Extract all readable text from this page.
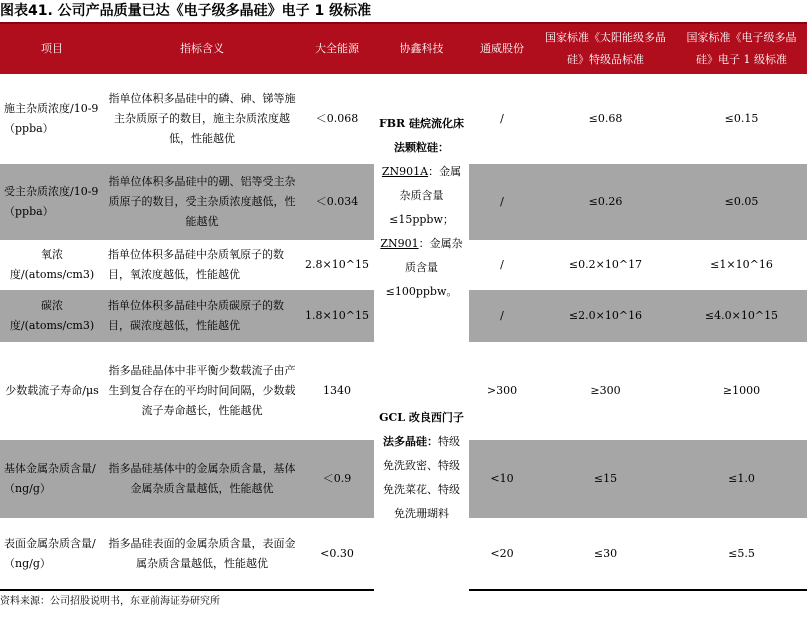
图表41. 公司产品质量已达《电子级多晶硅》电子 1 级标准
项目	指标含义	大全能源	协鑫科技	通威股份	国家标准《太阳能级多晶硅》特级品标准	国家标准《电子级多晶硅》电子 1 级标准
施主杂质浓度/10-9（ppba）	指单位体积多晶硅中的磷、砷、锑等施主杂质原子的数目，施主杂质浓度越低，性能越优	＜0.068	FBR 硅烷流化床法颗粒硅：ZN901A：金属杂质含量≤15ppbw；ZN901：金属杂质含量≤100ppbw。	/	≤0.68	≤0.15
受主杂质浓度/10-9（ppba）	指单位体积多晶硅中的硼、铝等受主杂质原子的数目，受主杂质浓度越低，性能越优	＜0.034		/	≤0.26	≤0.05
氧浓度/(atoms/cm3)	指单位体积多晶硅中杂质氧原子的数目，氧浓度越低，性能越优	2.8×10^15		/	≤0.2×10^17	≤1×10^16
碳浓度/(atoms/cm3)	指单位体积多晶硅中杂质碳原子的数目，碳浓度越低，性能越优	1.8×10^15		/	≤2.0×10^16	≤4.0×10^15
少数载流子寿命/μs	指多晶硅晶体中非平衡少数载流子由产生到复合存在的平均时间间隔，少数载流子寿命越长，性能越优	1340	GCL 改良西门子法多晶硅：特级免洗致密、特级免洗菜花、特级免洗珊瑚料	>300	≥300	≥1000
基体金属杂质含量/（ng/g）	指多晶硅基体中的金属杂质含量，基体金属杂质含量越低，性能越优	＜0.9		<10	≤15	≤1.0
表面金属杂质含量/（ng/g）	指多晶硅表面的金属杂质含量，表面金属杂质含量越低，性能越优	<0.30		<20	≤30	≤5.5
资料来源：公司招股说明书，东亚前海证券研究所
